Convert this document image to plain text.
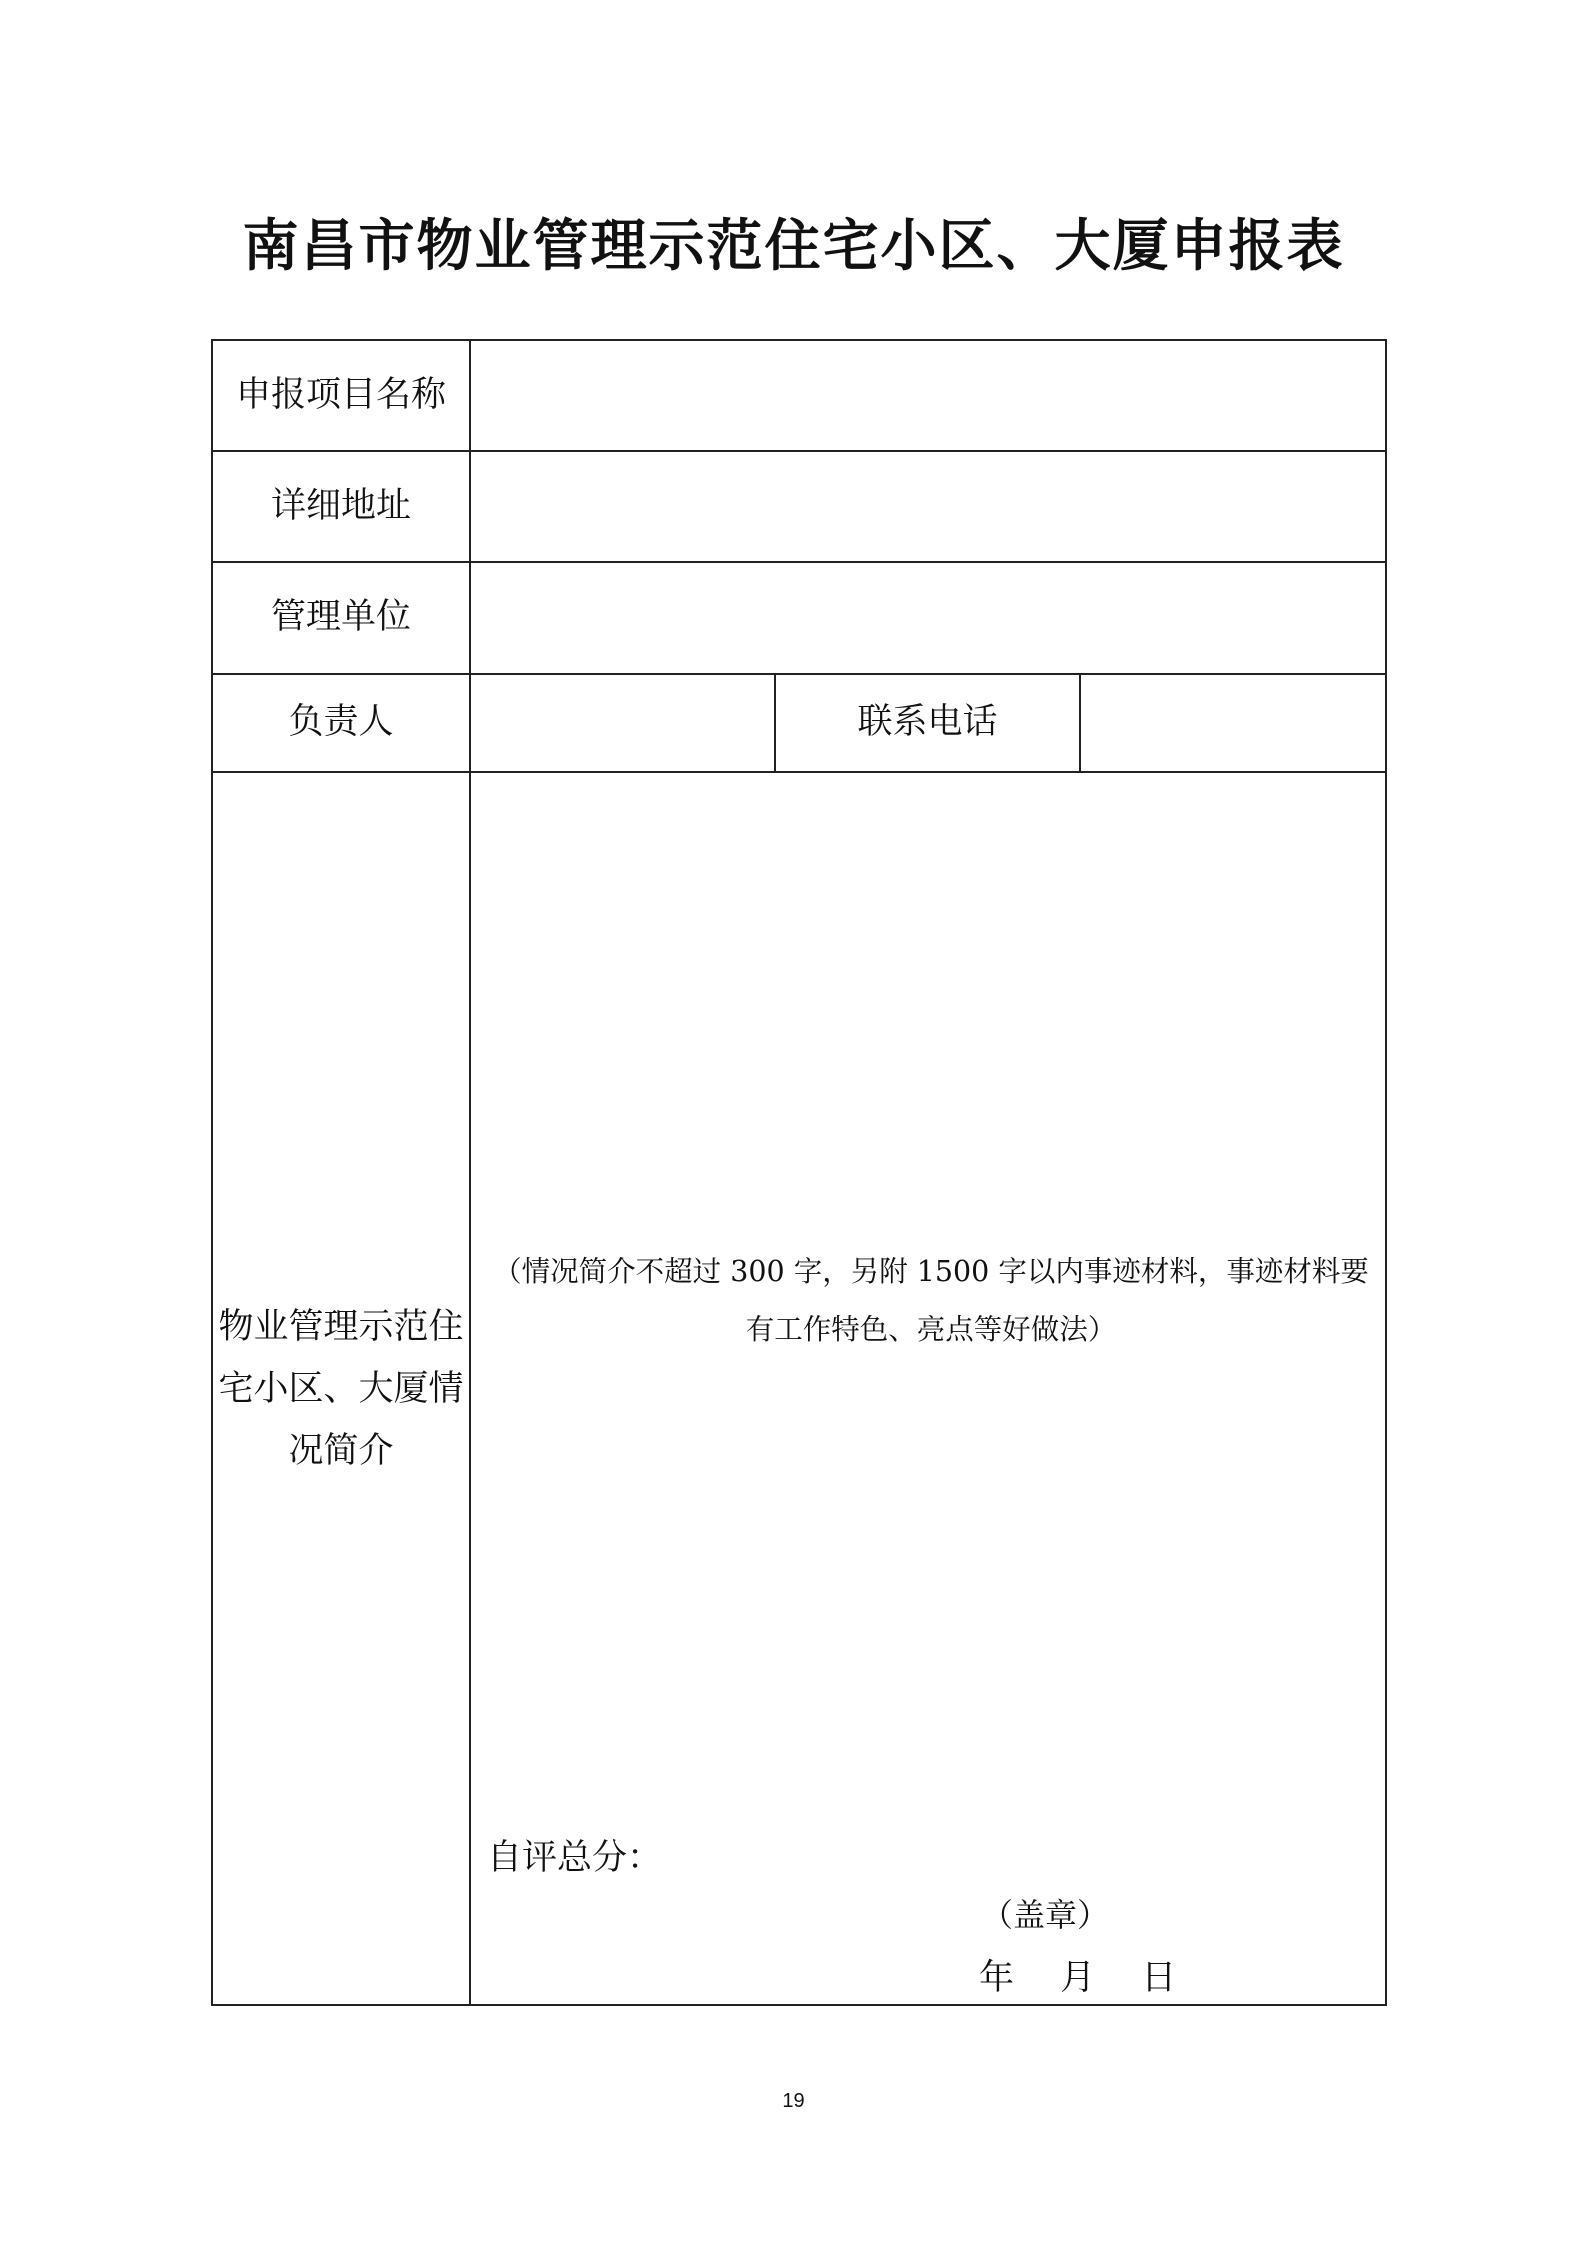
南昌市物业管理示范住宅小区、大厦申报表
申报项目名称			
详细地址			
管理单位			
负责人		联系电话	
物业管理示范住宅小区、大厦情况简介	（情况简介不超过 300 字，另附 1500 字以内事迹材料，事迹材料要有工作特色、亮点等好做法）
自评总分：
（盖章）
年　 月　 日		
19
